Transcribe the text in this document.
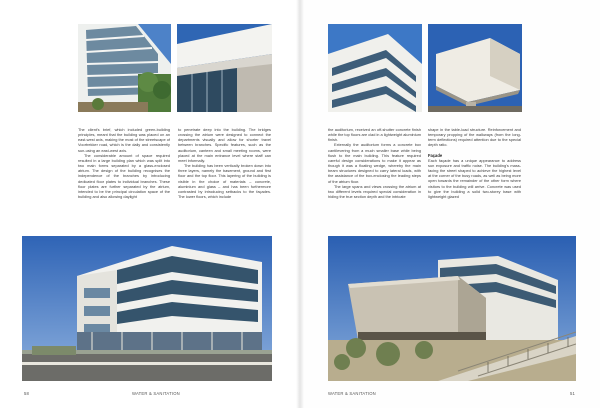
The client's brief, which included green-building principles, meant that the building was placed on an east-west axis, making the most of the streetscape of Voortrekker road, which is the daily and consistently sun-using an east-west axis.

The considerable amount of space required resulted in a large building plan which was split into two main forms separated by a glass-enclosed atrium. The design of the building recognises the independence of the branches by introducing dedicated floor plates to individual branches. These floor plates are further separated by the atrium, intended to be the principal circulation space of the building and also allowing daylight

to penetrate deep into the building. The bridges crossing the atrium were designed to connect the departments visually and allow for shorter travel between branches. Specific features, such as the auditorium, canteen and small meeting rooms, were placed at the main entrance level where staff can meet informally.

The building has been vertically broken down into three layers, namely the basement, ground and first floor and the top floor. This layering of the building is visible in the choice of materials – concrete, aluminium and glass – and has been furthermore contrasted by introducing setbacks to the façades. The lower floors, which include

58	WATER & SANITATION

the auditorium, received an off-shutter concrete finish while the top floors are clad in a lightweight aluminium finish.

Externally the auditorium forms a concrete box cantilevering from a much smaller base while being flush to the main building. This feature required careful design considerations to make it appear as though it was a floating wedge, whereby the main beam structures designed to carry lateral loads, with the assistance of the box-enclosing the leading steps of the atrium floor.

The large spans and views crossing the atrium at two different levels required special consideration in hiding the true section depth and the intricate

shape in the table-load structure. Reinforcement and temporary propping of the walkways (from the long-term deflections) required attention due to the special depth ratio.

Façade

Each façade has a unique appearance to address sun exposure and traffic noise. The building's mass-facing the street shaped to achieve the highest level at the corner of the busy roads, as well as being more open towards the remainder of the other form where visitors to the building will arrive. Concrete was used to give the building a solid two-storey base with lightweight glazed

WATER & SANITATION	51
